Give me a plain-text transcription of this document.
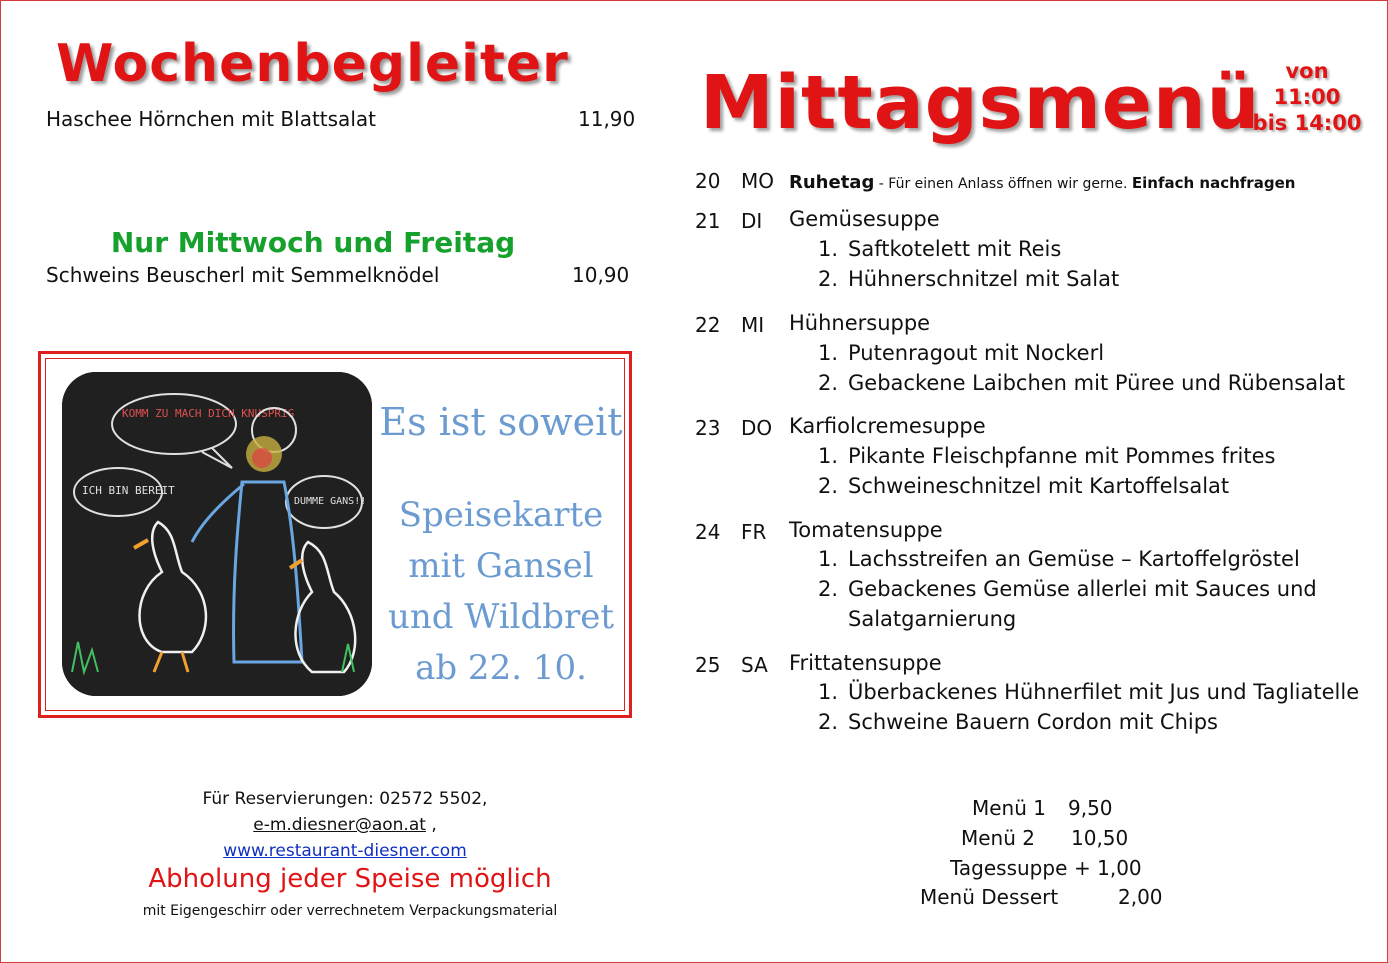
Wochenbegleiter
Haschee Hörnchen mit Blattsalat	11,90
Nur Mittwoch und Freitag
Schweins Beuscherl mit Semmelknödel	10,90
KOMM ZU MACH DICH KNUSPRIG
ICH BIN BEREIT
DUMME GANS!!
Es ist soweit
Speisekarte
mit Gansel
und Wildbret
ab 22. 10.
Für Reservierungen: 02572 5502,
e-m.diesner@aon.at ,
www.restaurant-diesner.com
Abholung jeder Speise möglich
mit Eigengeschirr oder verrechnetem Verpackungsmaterial
Mittagsmenü	von
11:00
bis 14:00
20 MO Ruhetag - Für einen Anlass öffnen wir gerne. Einfach nachfragen
21 DI Gemüsesuppe
1. Saftkotelett mit Reis
2. Hühnerschnitzel mit Salat
22 MI Hühnersuppe
1. Putenragout mit Nockerl
2. Gebackene Laibchen mit Püree und Rübensalat
23 DO Karfiolcremesuppe
1. Pikante Fleischpfanne mit Pommes frites
2. Schweineschnitzel mit Kartoffelsalat
24 FR Tomatensuppe
1. Lachsstreifen an Gemüse – Kartoffelgröstel
2. Gebackenes Gemüse allerlei mit Sauces und
Salatgarnierung
25 SA Frittatensuppe
1. Überbackenes Hühnerfilet mit Jus und Tagliatelle
2. Schweine Bauern Cordon mit Chips
Menü 1 9,50
Menü 2 10,50
Tagessuppe + 1,00
Menü Dessert	2,00
